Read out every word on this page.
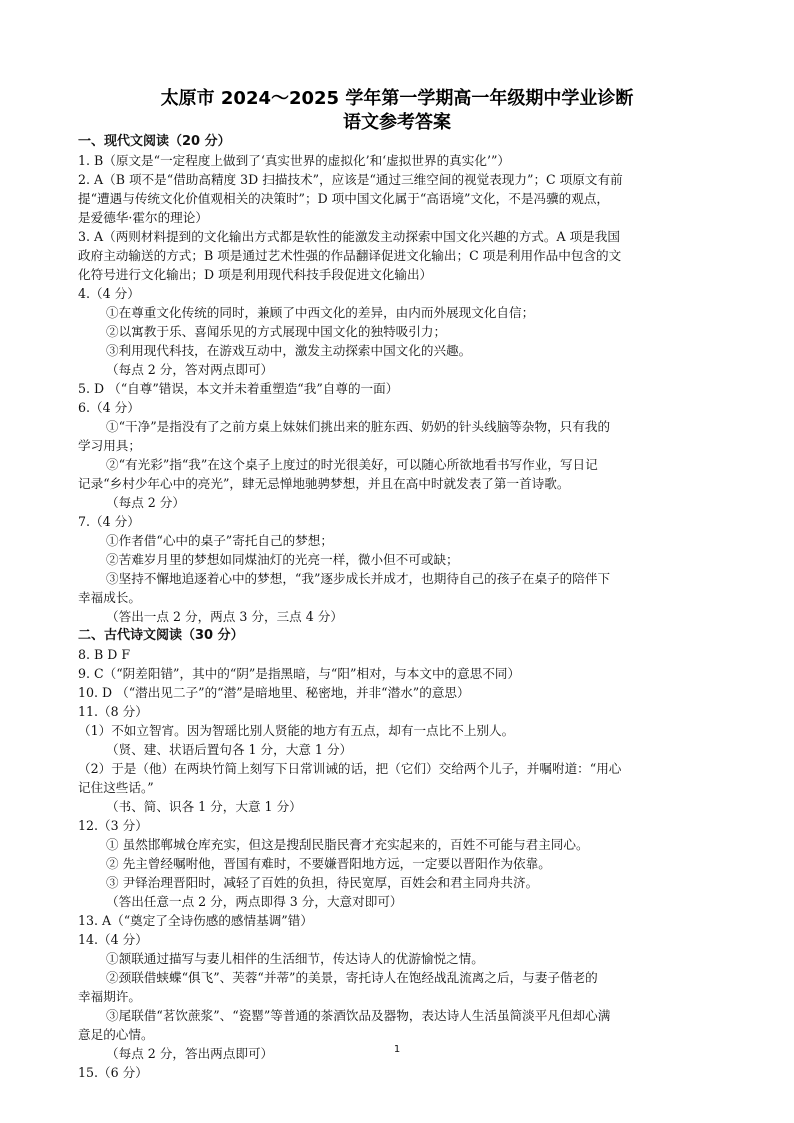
太原市 2024～2025 学年第一学期高一年级期中学业诊断
语文参考答案

一、现代文阅读（20 分）

1. B（原文是“一定程度上做到了‘真实世界的虚拟化’和‘虚拟世界的真实化’”）

2. A（B 项不是“借助高精度 3D 扫描技术”，应该是“通过三维空间的视觉表现力”；C 项原文有前

提“遭遇与传统文化价值观相关的决策时”；D 项中国文化属于“高语境”文化，不是冯骥的观点，

是爱德华·霍尔的理论）

3. A（两则材料提到的文化输出方式都是软性的能激发主动探索中国文化兴趣的方式。A 项是我国

政府主动输送的方式；B 项是通过艺术性强的作品翻译促进文化输出；C 项是利用作品中包含的文

化符号进行文化输出；D 项是利用现代科技手段促进文化输出）

4.（4 分）

①在尊重文化传统的同时，兼顾了中西文化的差异，由内而外展现文化自信；

②以寓教于乐、喜闻乐见的方式展现中国文化的独特吸引力；

③利用现代科技，在游戏互动中，激发主动探索中国文化的兴趣。

（每点 2 分，答对两点即可）

5. D （“自尊”错误，本文并未着重塑造“我”自尊的一面）

6.（4 分）

①“干净”是指没有了之前方桌上妹妹们挑出来的脏东西、奶奶的针头线脑等杂物，只有我的

学习用具；

②“有光彩”指“我”在这个桌子上度过的时光很美好，可以随心所欲地看书写作业，写日记

记录“乡村少年心中的亮光”，肆无忌惮地驰骋梦想，并且在高中时就发表了第一首诗歌。

（每点 2 分）

7.（4 分）

①作者借“心中的桌子”寄托自己的梦想；

②苦难岁月里的梦想如同煤油灯的光亮一样，微小但不可或缺；

③坚持不懈地追逐着心中的梦想，“我”逐步成长并成才，也期待自己的孩子在桌子的陪伴下

幸福成长。

（答出一点 2 分，两点 3 分，三点 4 分）

二、古代诗文阅读（30 分）

8. B D F

9. C（“阴差阳错”，其中的“阴”是指黑暗，与“阳”相对，与本文中的意思不同）

10. D （“潜出见二子”的“潜”是暗地里、秘密地，并非“潜水”的意思）

11.（8 分）

（1）不如立智宵。因为智瑶比别人贤能的地方有五点，却有一点比不上别人。

（贤、建、状语后置句各 1 分，大意 1 分）

（2）于是（他）在两块竹简上刻写下日常训诫的话，把（它们）交给两个儿子，并嘱咐道：“用心

记住这些话。”

（书、简、识各 1 分，大意 1 分）

12.（3 分）

① 虽然邯郸城仓库充实，但这是搜刮民脂民膏才充实起来的，百姓不可能与君主同心。

② 先主曾经嘱咐他，晋国有难时，不要嫌晋阳地方远，一定要以晋阳作为依靠。

③ 尹铎治理晋阳时，减轻了百姓的负担，待民宽厚，百姓会和君主同舟共济。

（答出任意一点 2 分，两点即得 3 分，大意对即可）

13. A（“奠定了全诗伤感的感情基调”错）

14.（4 分）

①颔联通过描写与妻儿相伴的生活细节，传达诗人的优游愉悦之情。

②颈联借蛱蝶“俱飞”、芙蓉“并蒂”的美景，寄托诗人在饱经战乱流离之后，与妻子偕老的

幸福期许。

③尾联借“茗饮蔗浆”、“瓷罂”等普通的茶酒饮品及器物，表达诗人生活虽简淡平凡但却心满

意足的心情。

（每点 2 分，答出两点即可）

15.（6 分）

1
